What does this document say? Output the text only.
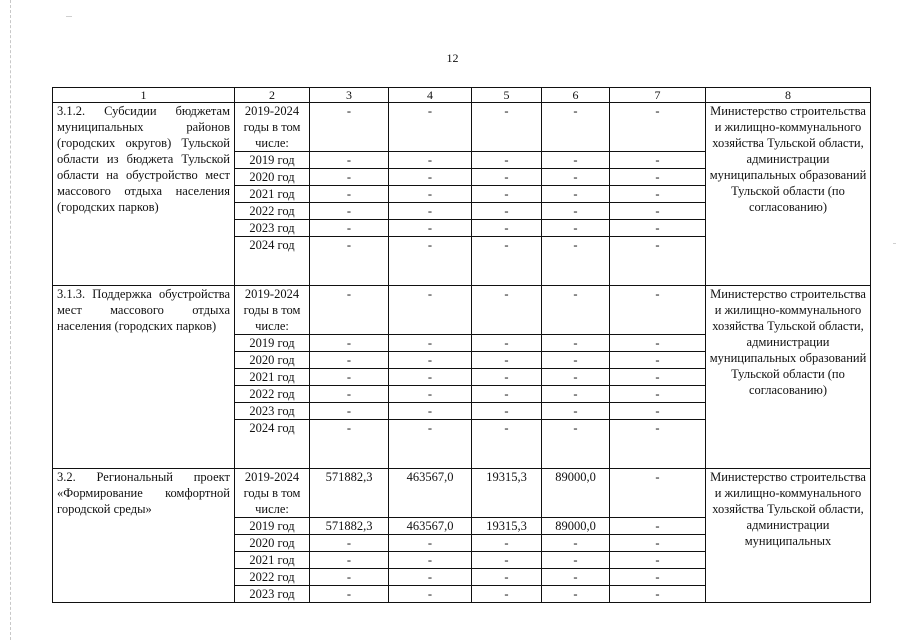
12
1	2	3	4	5	6	7	8
3.1.2. Субсидии бюджетам муниципальных районов (городских округов) Тульской области из бюджета Тульской области на обустройство мест массового отдыха населения (городских парков)	2019-2024 годы в том числе:	-	-	-	-	-	Министерство строительства и жилищно-коммунального хозяйства Тульской области, администрации муниципальных образований Тульской области (по согласованию)
	2019 год	-	-	-	-	-	
	2020 год	-	-	-	-	-	
	2021 год	-	-	-	-	-	
	2022 год	-	-	-	-	-	
	2023 год	-	-	-	-	-	
	2024 год	-	-	-	-	-	
3.1.3. Поддержка обустройства мест массового отдыха населения (городских парков)	2019-2024 годы в том числе:	-	-	-	-	-	Министерство строительства и жилищно-коммунального хозяйства Тульской области, администрации муниципальных образований Тульской области (по согласованию)
	2019 год	-	-	-	-	-	
	2020 год	-	-	-	-	-	
	2021 год	-	-	-	-	-	
	2022 год	-	-	-	-	-	
	2023 год	-	-	-	-	-	
	2024 год	-	-	-	-	-	
3.2. Региональный проект «Формирование комфортной городской среды»	2019-2024 годы в том числе:	571882,3	463567,0	19315,3	89000,0	-	Министерство строительства и жилищно-коммунального хозяйства Тульской области, администрации муниципальных
	2019 год	571882,3	463567,0	19315,3	89000,0	-	
	2020 год	-	-	-	-	-	
	2021 год	-	-	-	-	-	
	2022 год	-	-	-	-	-	
	2023 год	-	-	-	-	-	
